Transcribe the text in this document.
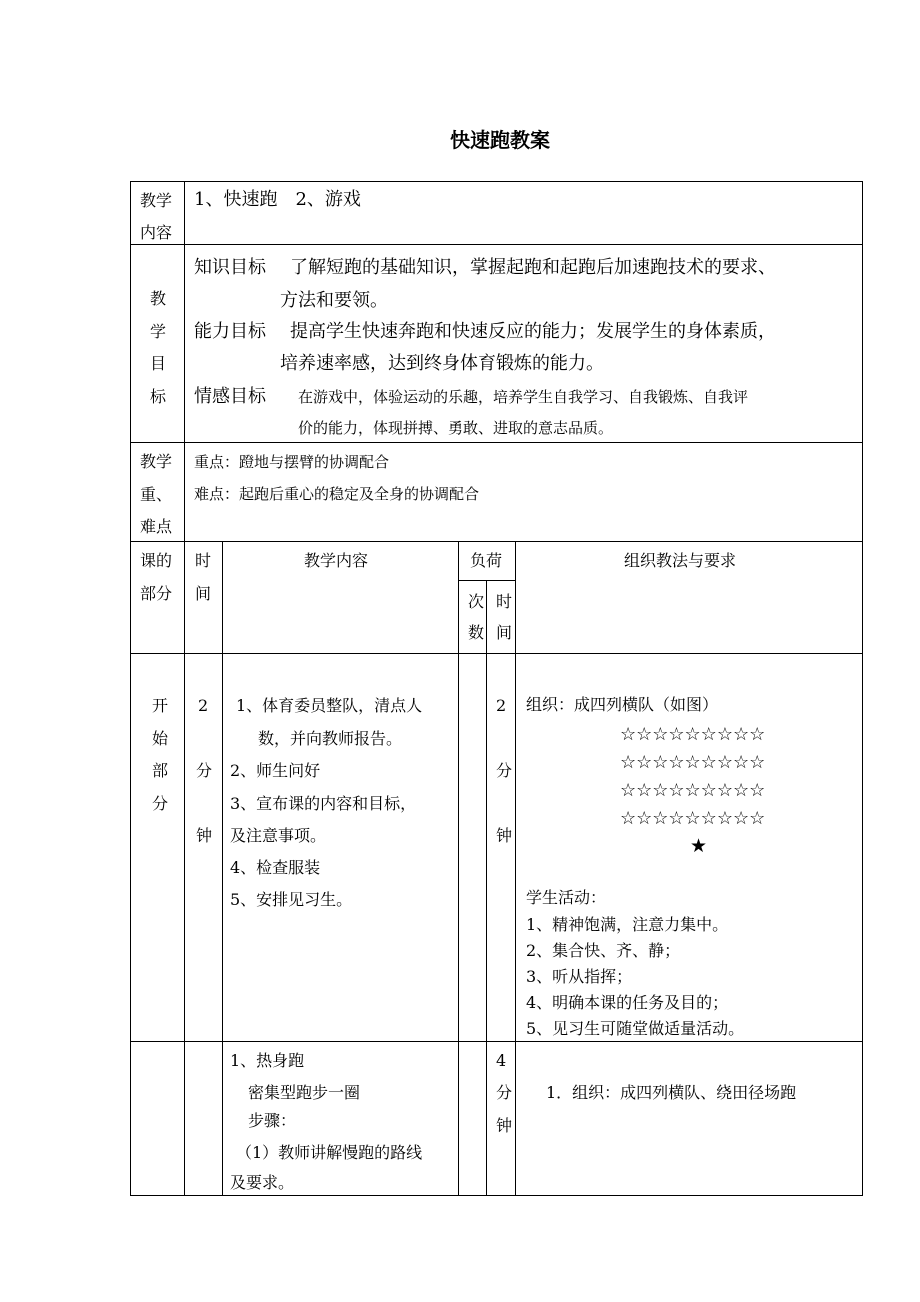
快速跑教案
教学
内容
1、快速跑　2、游戏
教
学
目
标
知识目标 了解短跑的基础知识，掌握起跑和起跑后加速跑技术的要求、
方法和要领。
能力目标 提高学生快速奔跑和快速反应的能力；发展学生的身体素质，
培养速率感，达到终身体育锻炼的能力。
情感目标 在游戏中，体验运动的乐趣，培养学生自我学习、自我锻炼、自我评
价的能力，体现拼搏、勇敢、进取的意志品质。
教学
重、
难点
重点：蹬地与摆臂的协调配合
难点：起跑后重心的稳定及全身的协调配合
课的
部分
时
间
教学内容	负荷
次
数
时
间
组织教法与要求
开
始
部
分
2
分
钟
1、体育委员整队，清点人
数，并向教师报告。
2、师生问好
3、宣布课的内容和目标，
及注意事项。
4、检查服装
5、安排见习生。
2
分
钟
组织：成四列横队（如图）
☆☆☆☆☆☆☆☆☆
☆☆☆☆☆☆☆☆☆
☆☆☆☆☆☆☆☆☆
☆☆☆☆☆☆☆☆☆
★
学生活动：
1、精神饱满，注意力集中。
2、集合快、齐、静；
3、听从指挥；
4、明确本课的任务及目的；
5、见习生可随堂做适量活动。
1、热身跑
密集型跑步一圈
步骤：
（1）教师讲解慢跑的路线
及要求。
4
分
钟
1．组织：成四列横队、绕田径场跑
